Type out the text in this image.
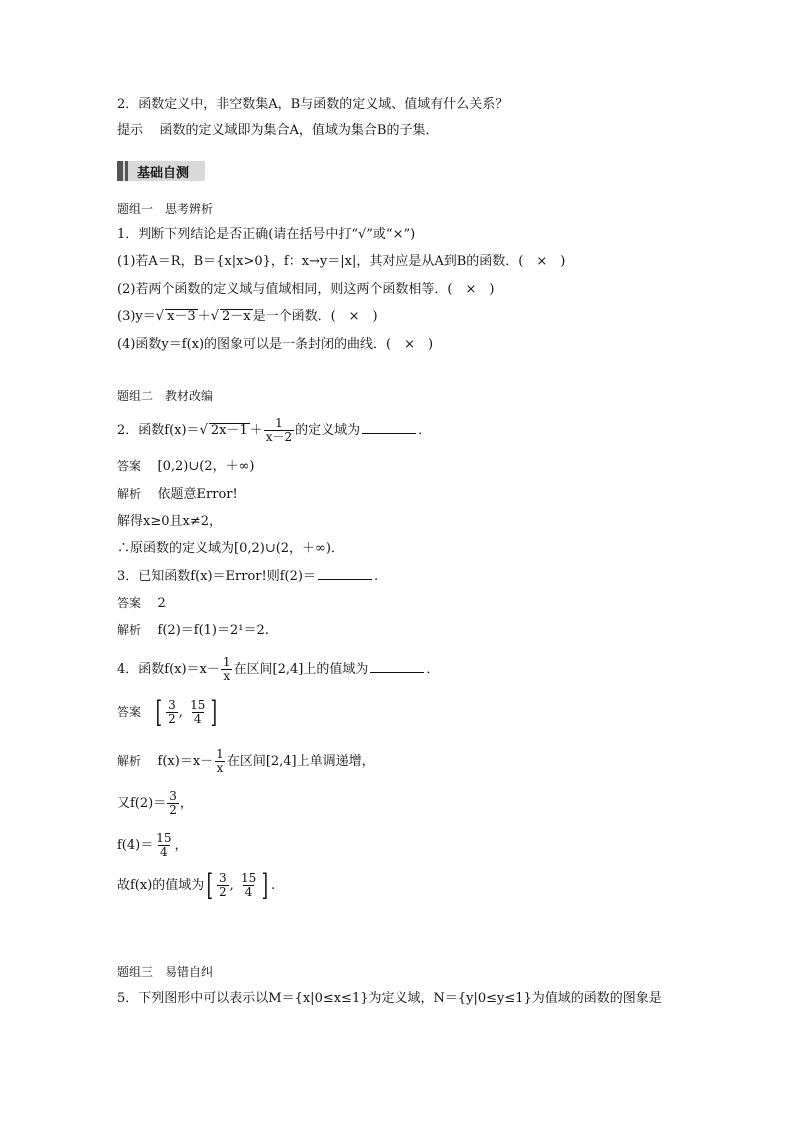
2．函数定义中，非空数集A，B与函数的定义域、值域有什么关系？
提示 函数的定义域即为集合A，值域为集合B的子集．
基础自测
题组一　思考辨析
1．判断下列结论是否正确(请在括号中打“√”或“×”)
(1)若A＝R，B＝{x|x>0}，f：x→y＝|x|，其对应是从A到B的函数．(　×　)
(2)若两个函数的定义域与值域相同，则这两个函数相等．(　×　)
(3)y＝√ x－3 ＋√ 2－x 是一个函数．(　×　)
(4)函数y＝f(x)的图象可以是一条封闭的曲线．(　×　)
题组二　教材改编
2．函数f(x)＝√ $2x-1 + \frac{1}{x-2}$ 的定义域为	．
答案 [0,2)∪(2，＋∞)
解析 依题意Error!
解得x≥0且x≠2，
∴原函数的定义域为[0,2)∪(2，＋∞)．
3．已知函数f(x)＝Error!则f(2)＝	.
答案 2
解析 f(2)＝f(1)＝2¹＝2.
4．函数$f(x)=x- \frac{1}{x}$ 在区间[2,4]上的值域为	．
答案 [ $\frac{3}{2}$ , $\frac{15}{4}$ ]
解析 $f(x)=x- \frac{1}{x}$ 在区间[2,4]上单调递增，
又$f(2)= \frac{3}{2}$ ，
$f(4)= \frac{15}{4}$ ，
故f(x)的值域为[ $\frac{3}{2}$ , $\frac{15}{4}$ ] .
题组三　易错自纠
5．下列图形中可以表示以M＝{x|0≤x≤1}为定义域，N＝{y|0≤y≤1}为值域的函数的图象是
